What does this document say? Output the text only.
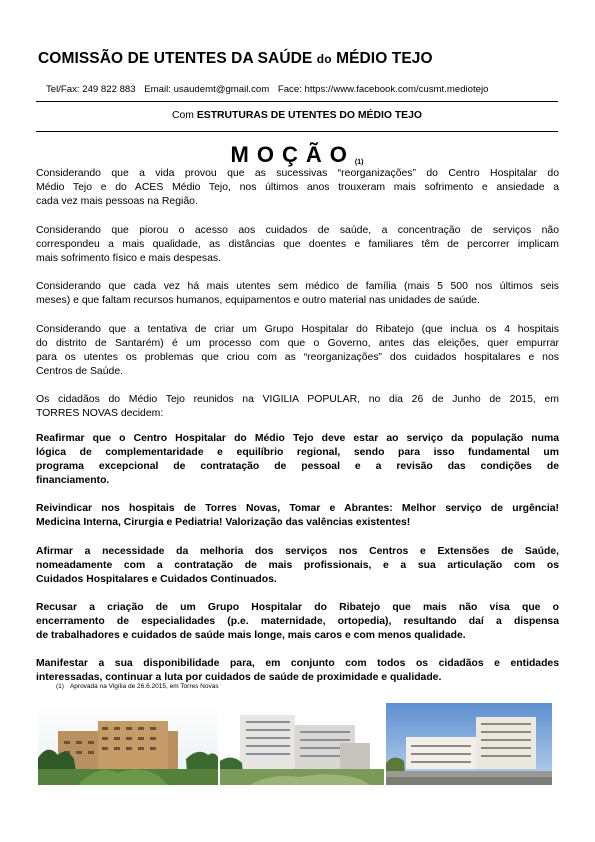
COMISSÃO DE UTENTES DA SAÚDE do MÉDIO TEJO
Tel/Fax: 249 822 883 Email: usaudemt@gmail.com Face: https://www.facebook.com/cusmt.mediotejo
Com ESTRUTURAS DE UTENTES DO MÉDIO TEJO
MOÇÃO$^{(1)}$

Considerando que a vida provou que as sucessivas “reorganizações” do Centro Hospitalar do
Médio Tejo e do ACES Médio Tejo, nos últimos anos trouxeram mais sofrimento e ansiedade a
cada vez mais pessoas na Região.

Considerando que piorou o acesso aos cuidados de saúde, a concentração de serviços não
correspondeu a mais qualidade, as distâncias que doentes e familiares têm de percorrer implicam
mais sofrimento físico e mais despesas.

Considerando que cada vez há mais utentes sem médico de família (mais 5 500 nos últimos seis
meses) e que faltam recursos humanos, equipamentos e outro material nas unidades de saúde.

Considerando que a tentativa de criar um Grupo Hospitalar do Ribatejo (que inclua os 4 hospitais
do distrito de Santarém) é um processo com que o Governo, antes das eleições, quer empurrar
para os utentes os problemas que criou com as “reorganizações” dos cuidados hospitalares e nos
Centros de Saúde.

Os cidadãos do Médio Tejo reunidos na VIGILIA POPULAR, no dia 26 de Junho de 2015, em
TORRES NOVAS decidem:

Reafirmar que o Centro Hospitalar do Médio Tejo deve estar ao serviço da população numa
lógica de complementaridade e equilíbrio regional, sendo para isso fundamental um
programa excepcional de contratação de pessoal e a revisão das condições de
financiamento.

Reivindicar nos hospitais de Torres Novas, Tomar e Abrantes: Melhor serviço de urgência!
Medicina Interna, Cirurgia e Pediatria! Valorização das valências existentes!

Afirmar a necessidade da melhoria dos serviços nos Centros e Extensões de Saúde,
nomeadamente com a contratação de mais profissionais, e a sua articulação com os
Cuidados Hospitalares e Cuidados Continuados.

Recusar a criação de um Grupo Hospitalar do Ribatejo que mais não visa que o
encerramento de especialidades (p.e. maternidade, ortopedia), resultando daí a dispensa
de trabalhadores e cuidados de saúde mais longe, mais caros e com menos qualidade.

Manifestar a sua disponibilidade para, em conjunto com todos os cidadãos e entidades
interessadas, continuar a luta por cuidados de saúde de proximidade e qualidade.

(1) Aprovada na Vigília de 26.6.2015, em Torres Novas
